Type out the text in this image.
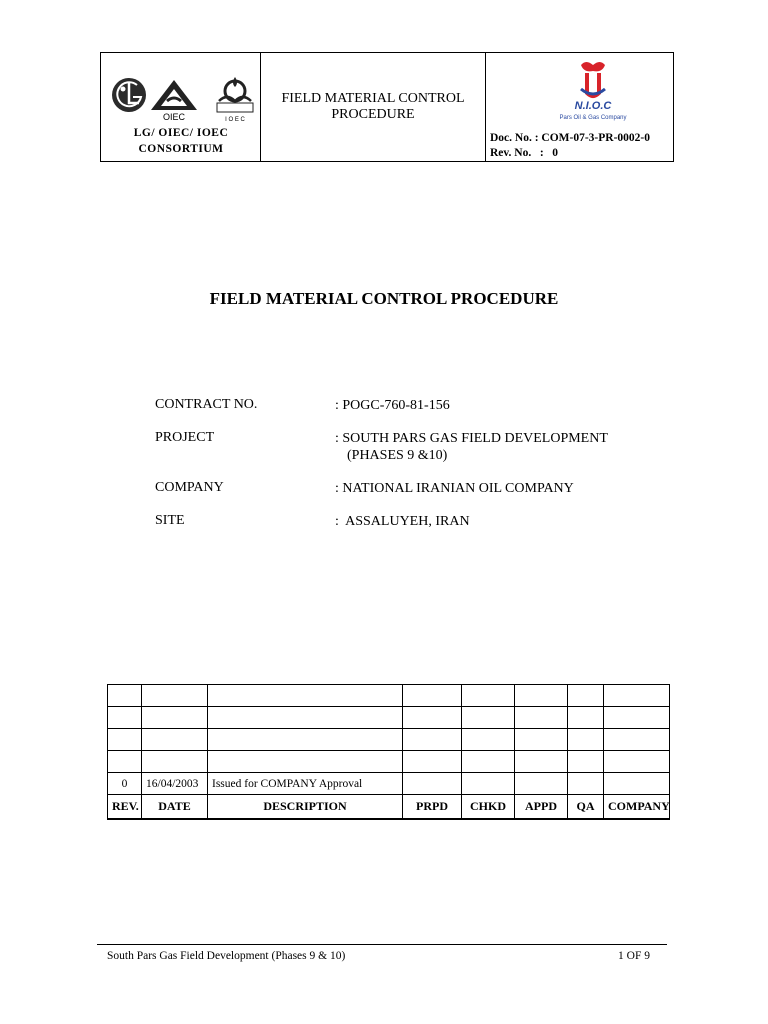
OIEC	I O E C
LG/ OIEC/ IOEC
CONSORTIUM
FIELD MATERIAL CONTROL
PROCEDURE
N.I.O.C
Pars Oil & Gas Company
Doc. No. : COM-07-3-PR-0002-0
Rev. No.   :   0
FIELD MATERIAL CONTROL PROCEDURE
CONTRACT NO.	: POGC-760-81-156
PROJECT	: SOUTH PARS GAS FIELD DEVELOPMENT
(PHASES 9 &10)
COMPANY	: NATIONAL IRANIAN OIL COMPANY
SITE	:  ASSALUYEH, IRAN

0	16/04/2003	Issued for COMPANY Approval					
REV.	DATE	DESCRIPTION	PRPD	CHKD	APPD	QA	COMPANY
South Pars Gas Field Development (Phases 9 & 10)	1 OF 9
